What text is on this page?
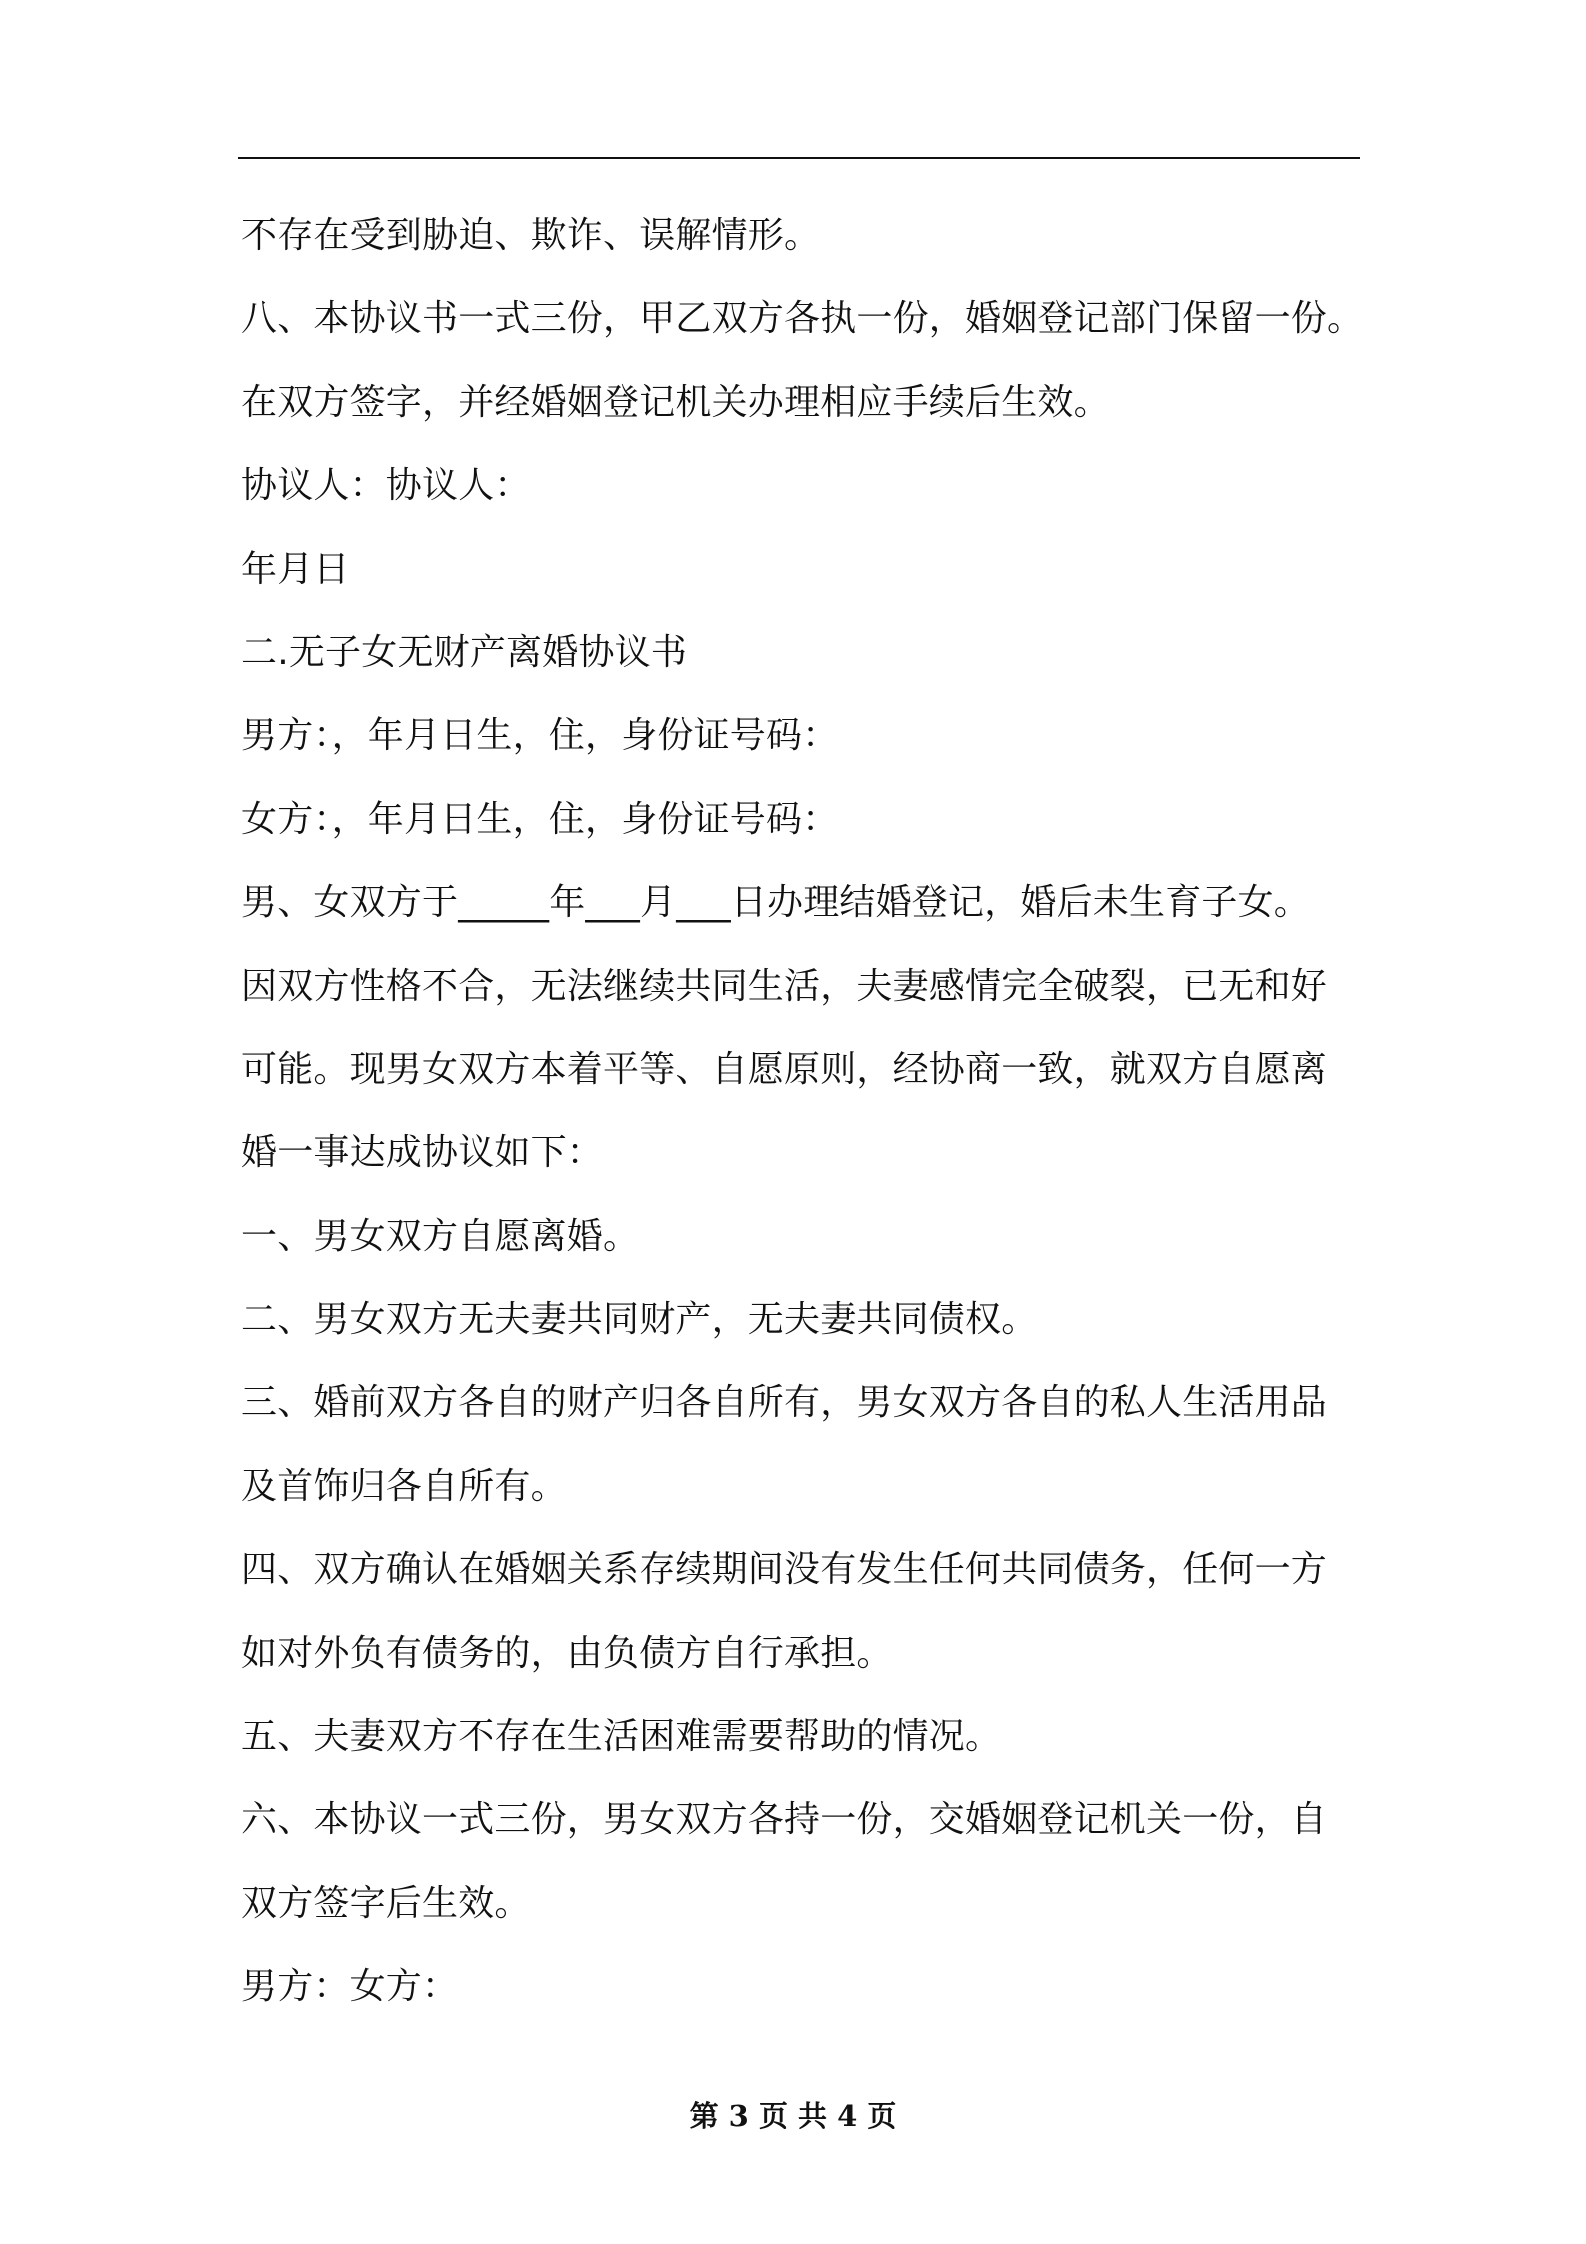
不存在受到胁迫、欺诈、误解情形。
八、本协议书一式三份，甲乙双方各执一份，婚姻登记部门保留一份。
在双方签字，并经婚姻登记机关办理相应手续后生效。
协议人：协议人：
年月日
二.无子女无财产离婚协议书
男方：，年月日生，住，身份证号码：
女方：，年月日生，住，身份证号码：
男、女双方于_____年___月___日办理结婚登记，婚后未生育子女。
因双方性格不合，无法继续共同生活，夫妻感情完全破裂，已无和好
可能。现男女双方本着平等、自愿原则，经协商一致，就双方自愿离
婚一事达成协议如下：
一、男女双方自愿离婚。
二、男女双方无夫妻共同财产，无夫妻共同债权。
三、婚前双方各自的财产归各自所有，男女双方各自的私人生活用品
及首饰归各自所有。
四、双方确认在婚姻关系存续期间没有发生任何共同债务，任何一方
如对外负有债务的，由负债方自行承担。
五、夫妻双方不存在生活困难需要帮助的情况。
六、本协议一式三份，男女双方各持一份，交婚姻登记机关一份，自
双方签字后生效。
男方：女方：
第 3 页 共 4 页
